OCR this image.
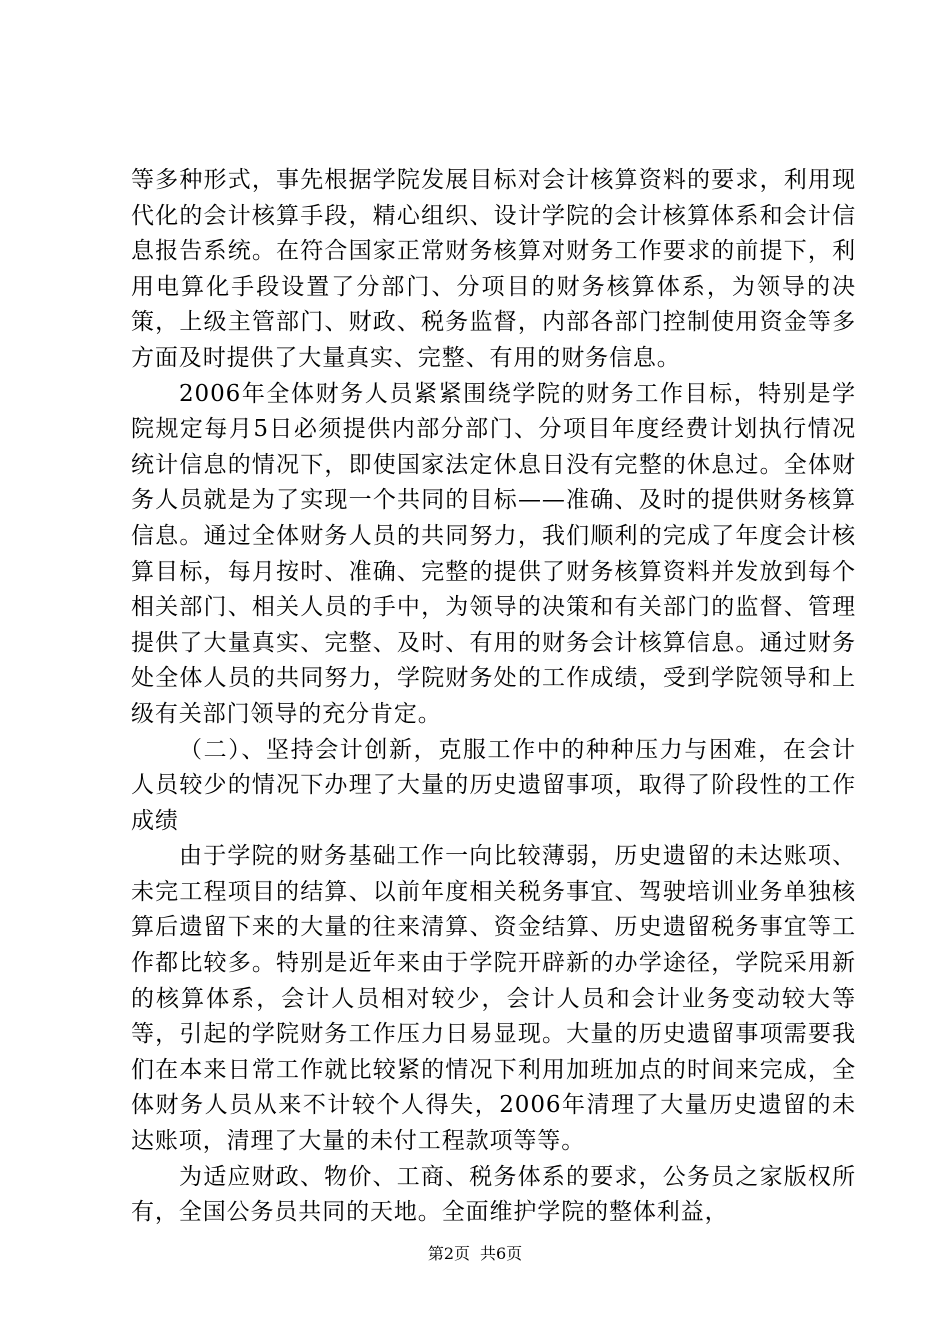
等多种形式，事先根据学院发展目标对会计核算资料的要求，利用现代化的会计核算手段，精心组织、设计学院的会计核算体系和会计信息报告系统。在符合国家正常财务核算对财务工作要求的前提下，利用电算化手段设置了分部门、分项目的财务核算体系，为领导的决策，上级主管部门、财政、税务监督，内部各部门控制使用资金等多方面及时提供了大量真实、完整、有用的财务信息。

2006年全体财务人员紧紧围绕学院的财务工作目标，特别是学院规定每月5日必须提供内部分部门、分项目年度经费计划执行情况统计信息的情况下，即使国家法定休息日没有完整的休息过。全体财务人员就是为了实现一个共同的目标——准确、及时的提供财务核算信息。通过全体财务人员的共同努力，我们顺利的完成了年度会计核算目标，每月按时、准确、完整的提供了财务核算资料并发放到每个相关部门、相关人员的手中，为领导的决策和有关部门的监督、管理提供了大量真实、完整、及时、有用的财务会计核算信息。通过财务处全体人员的共同努力，学院财务处的工作成绩，受到学院领导和上级有关部门领导的充分肯定。

（二）、坚持会计创新，克服工作中的种种压力与困难，在会计人员较少的情况下办理了大量的历史遗留事项，取得了阶段性的工作成绩

由于学院的财务基础工作一向比较薄弱，历史遗留的未达账项、未完工程项目的结算、以前年度相关税务事宜、驾驶培训业务单独核算后遗留下来的大量的往来清算、资金结算、历史遗留税务事宜等工作都比较多。特别是近年来由于学院开辟新的办学途径，学院采用新的核算体系，会计人员相对较少，会计人员和会计业务变动较大等等，引起的学院财务工作压力日易显现。大量的历史遗留事项需要我们在本来日常工作就比较紧的情况下利用加班加点的时间来完成，全体财务人员从来不计较个人得失，2006年清理了大量历史遗留的未达账项，清理了大量的未付工程款项等等。

为适应财政、物价、工商、税务体系的要求，公务员之家版权所有，全国公务员共同的天地。全面维护学院的整体利益，

第2页 共6页
